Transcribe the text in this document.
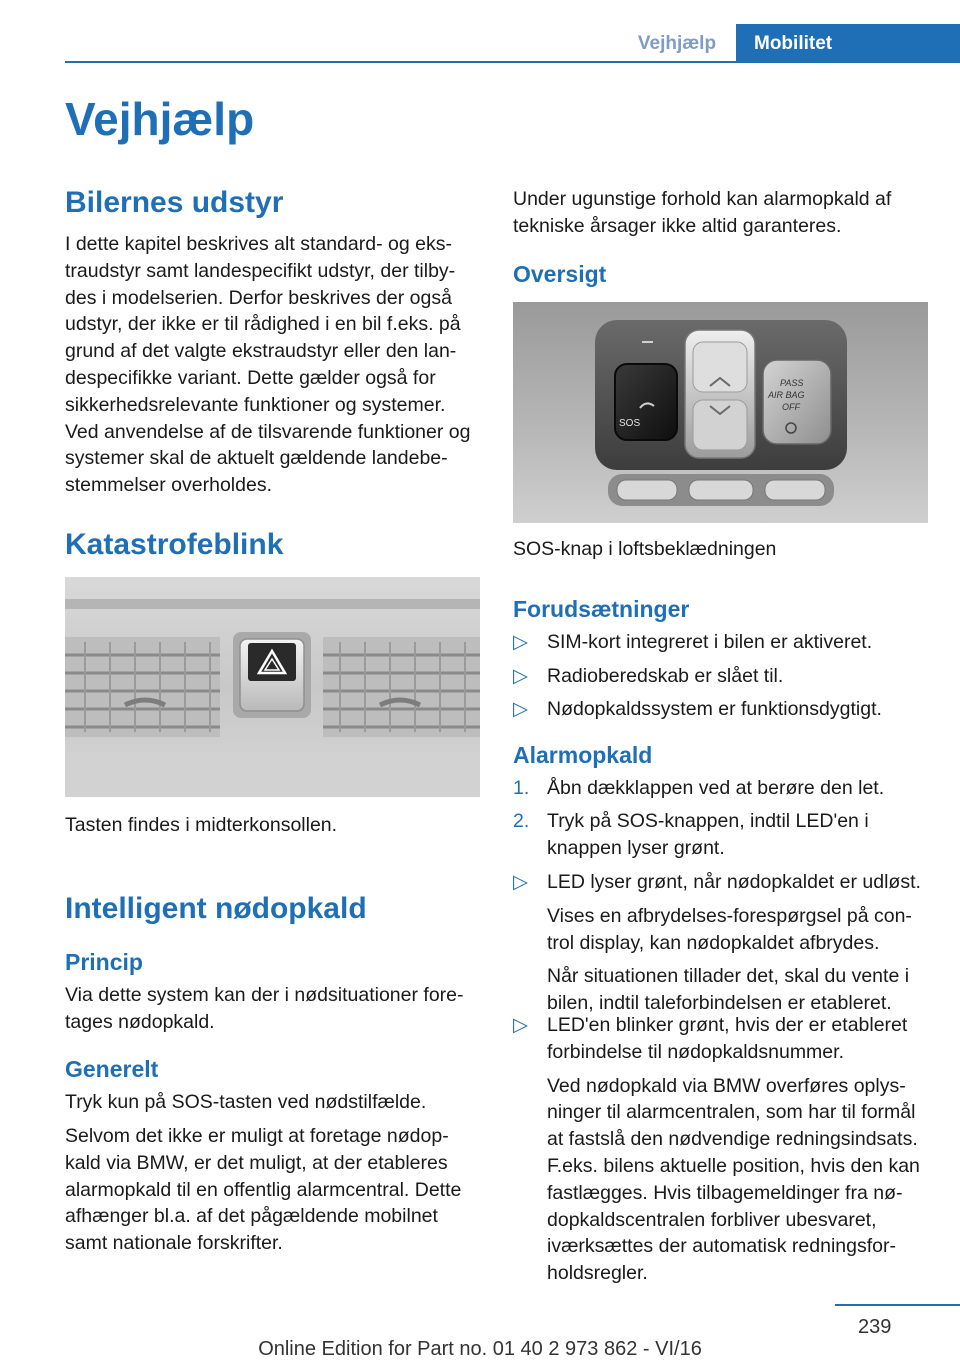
Vejhjælp	Mobilitet
Vejhjælp
Bilernes udstyr

I dette kapitel beskrives alt standard- og eks‐
traudstyr samt landespecifikt udstyr, der tilby‐
des i modelserien. Derfor beskrives der også
udstyr, der ikke er til rådighed i en bil f.eks. på
grund af det valgte ekstraudstyr eller den lan‐
despecifikke variant. Dette gælder også for
sikkerhedsrelevante funktioner og systemer.
Ved anvendelse af de tilsvarende funktioner og
systemer skal de aktuelt gældende landebe‐
stemmelser overholdes.

Katastrofeblink

Tasten findes i midterkonsollen.

Intelligent nødopkald
Princip

Via dette system kan der i nødsituationer fore‐
tages nødopkald.

Generelt

Tryk kun på SOS-tasten ved nødstilfælde.

Selvom det ikke er muligt at foretage nødop‐
kald via BMW, er det muligt, at der etableres
alarmopkald til en offentlig alarmcentral. Dette
afhænger bl.a. af det pågældende mobilnet
samt nationale forskrifter.

Under ugunstige forhold kan alarmopkald af
tekniske årsager ikke altid garanteres.

Oversigt
SOS
PASS
AIR BAG
OFF

SOS-knap i loftsbeklædningen

Forudsætninger
▷ SIM-kort integreret i bilen er aktiveret.
▷ Radioberedskab er slået til.
▷ Nødopkaldssystem er funktionsdygtigt.
Alarmopkald
1. Åbn dækklappen ved at berøre den let.
2. Tryk på SOS-knappen, indtil LED'en i
knappen lyser grønt.
▷ LED lyser grønt, når nødopkaldet er udløst.
Vises en afbrydelses-forespørgsel på con‐
trol display, kan nødopkaldet afbrydes.
Når situationen tillader det, skal du vente i
bilen, indtil taleforbindelsen er etableret.
▷ LED'en blinker grønt, hvis der er etableret
forbindelse til nødopkaldsnummer.
Ved nødopkald via BMW overføres oplys‐
ninger til alarmcentralen, som har til formål
at fastslå den nødvendige redningsindsats.
F.eks. bilens aktuelle position, hvis den kan
fastlægges. Hvis tilbagemeldinger fra nø‐
dopkaldscentralen forbliver ubesvaret,
iværksættes der automatisk redningsfor‐
holdsregler.
239
Online Edition for Part no. 01 40 2 973 862 - VI/16
